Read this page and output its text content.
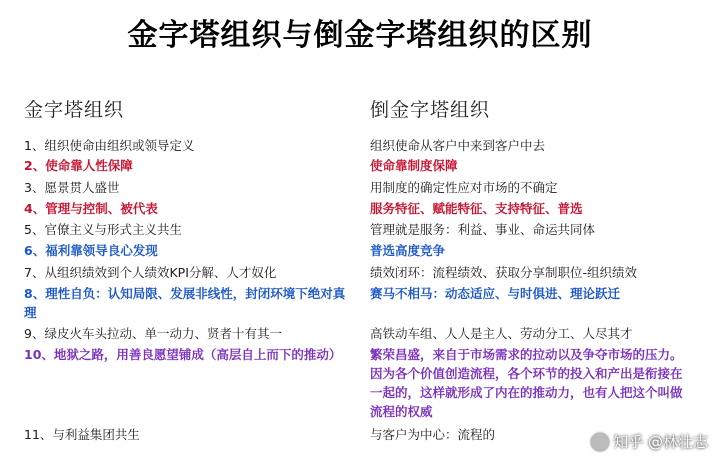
金字塔组织与倒金字塔组织的区别
金字塔组织
1、组织使命由组织或领导定义
2、使命靠人性保障
3、愿景贯人盛世
4、管理与控制、被代表
5、官僚主义与形式主义共生
6、福利靠领导良心发现
7、从组织绩效到个人绩效KPI分解、人才奴化
8、理性自负：认知局限、发展非线性，封闭环境下绝对真理
9、绿皮火车头拉动、单一动力、贤者十有其一
10、地狱之路，用善良愿望铺成（高层自上而下的推动）
11、与利益集团共生
倒金字塔组织
组织使命从客户中来到客户中去
使命靠制度保障
用制度的确定性应对市场的不确定
服务特征、赋能特征、支持特征、普选
管理就是服务：利益、事业、命运共同体
普选高度竞争
绩效闭环：流程绩效、获取分享制职位-组织绩效
赛马不相马：动态适应、与时俱进、理论跃迁
高铁动车组、人人是主人、劳动分工、人尽其才
繁荣昌盛，来自于市场需求的拉动以及争夺市场的压力。因为各个价值创造流程，各个环节的投入和产出是衔接在一起的，这样就形成了内在的推动力，也有人把这个叫做流程的权威
与客户为中心：流程的	知乎 @林壮志
